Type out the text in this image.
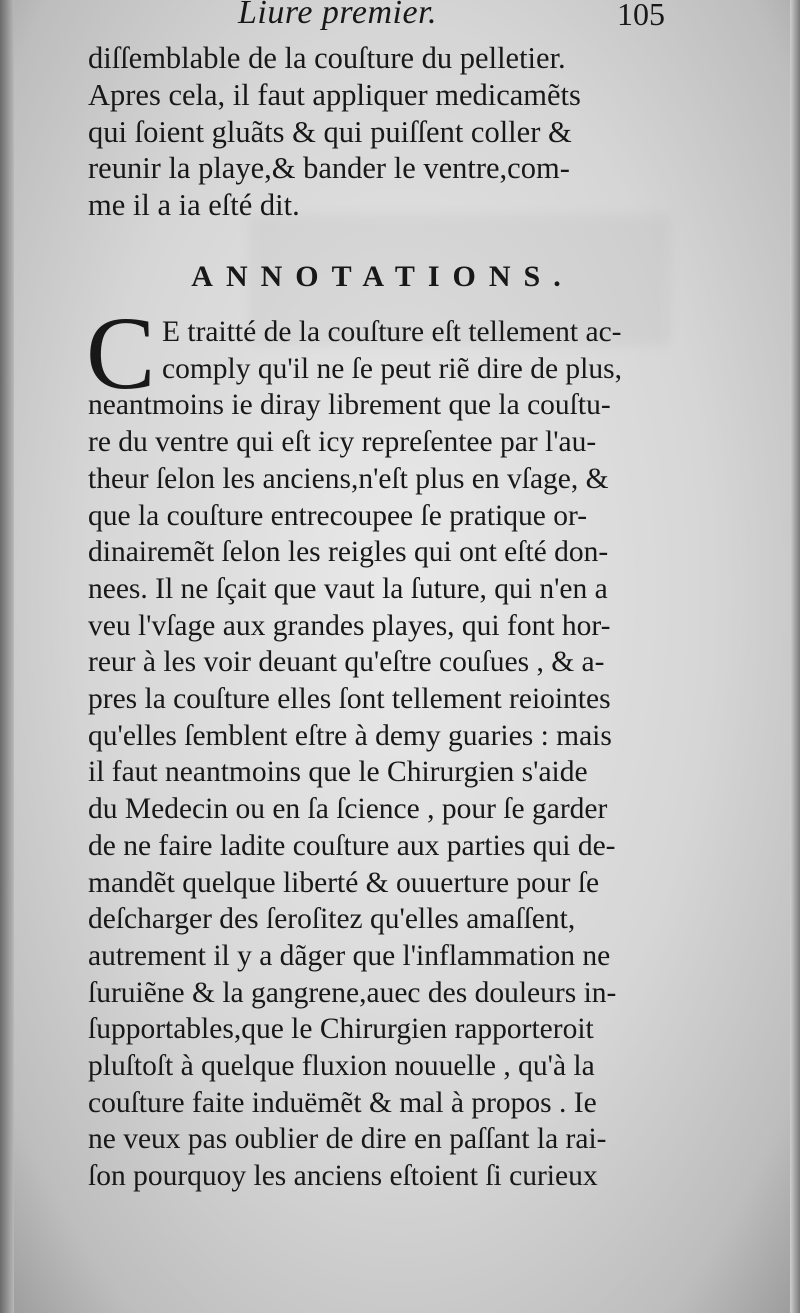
Liure premier.	105

diſſemblable de la couſture du pelletier.

Apres cela, il faut appliquer medicamẽts

qui ſoient gluãts & qui puiſſent coller &

reunir la playe,& bander le ventre,com-

me il a ia eſté dit.

ANNOTATIONS.
C E traitté de la couſture eſt tellement ac-

comply qu'il ne ſe peut riẽ dire de plus,

neantmoins ie diray librement que la couſtu-

re du ventre qui eſt icy repreſentee par l'au-

theur ſelon les anciens,n'eſt plus en vſage, &

que la couſture entrecoupee ſe pratique or-

dinairemẽt ſelon les reigles qui ont eſté don-

nees. Il ne ſçait que vaut la ſuture, qui n'en a

veu l'vſage aux grandes playes, qui font hor-

reur à les voir deuant qu'eſtre couſues , & a-

pres la couſture elles ſont tellement reiointes

qu'elles ſemblent eſtre à demy guaries : mais

il faut neantmoins que le Chirurgien s'aide

du Medecin ou en ſa ſcience , pour ſe garder

de ne faire ladite couſture aux parties qui de-

mandẽt quelque liberté & ouuerture pour ſe

deſcharger des ſeroſitez qu'elles amaſſent,

autrement il y a dãger que l'inflammation ne

ſuruiẽne & la gangrene,auec des douleurs in-

ſupportables,que le Chirurgien rapporteroit

pluſtoſt à quelque fluxion nouuelle , qu'à la

couſture faite induëmẽt & mal à propos . Ie

ne veux pas oublier de dire en paſſant la rai-

ſon pourquoy les anciens eſtoient ſi curieux
